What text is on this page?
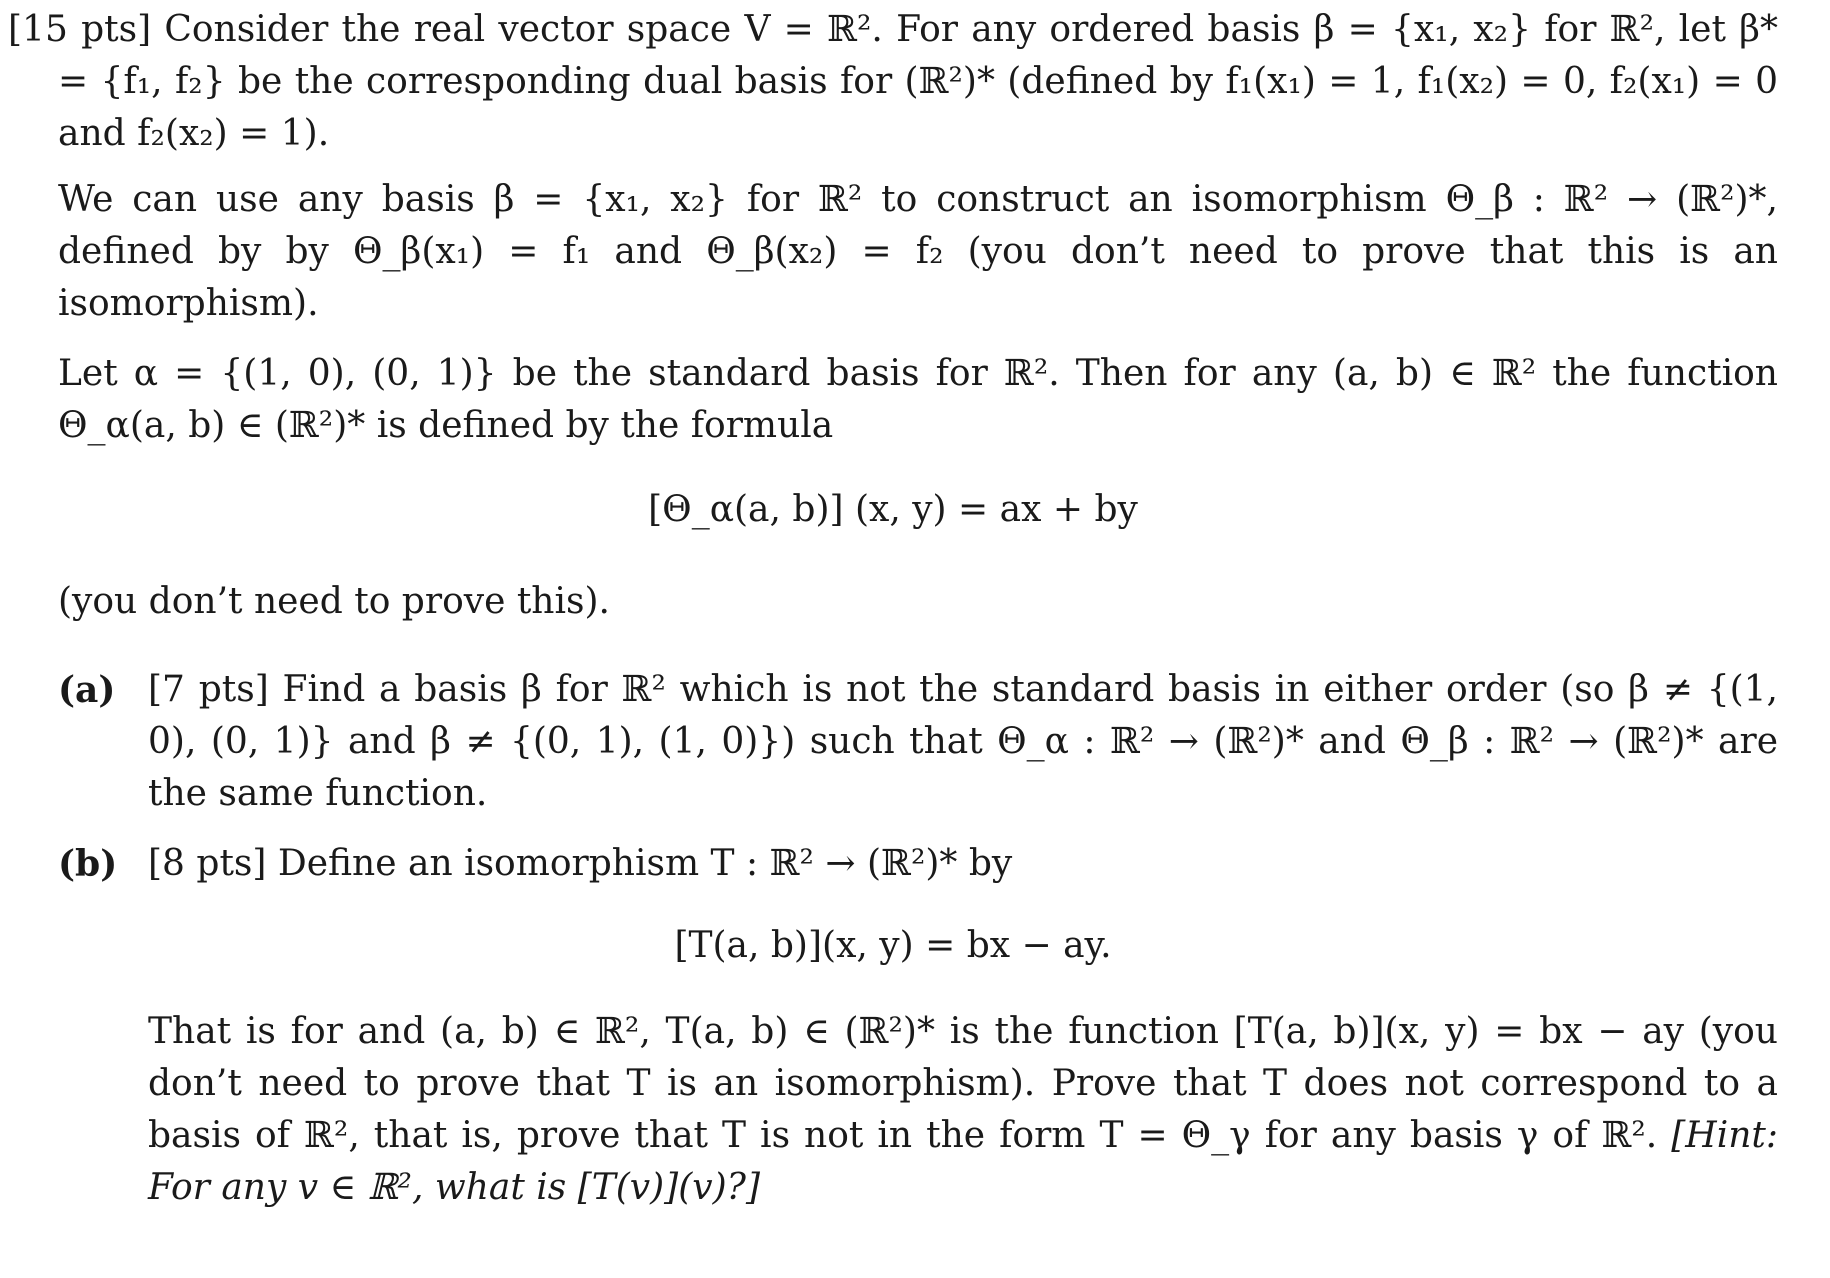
[15 pts] Consider the real vector space V = ℝ². For any ordered basis β = {x₁, x₂} for ℝ², let β* = {f₁, f₂} be the corresponding dual basis for (ℝ²)* (defined by f₁(x₁) = 1, f₁(x₂) = 0, f₂(x₁) = 0 and f₂(x₂) = 1).

We can use any basis β = {x₁, x₂} for ℝ² to construct an isomorphism Θ_β : ℝ² → (ℝ²)*, defined by by Θ_β(x₁) = f₁ and Θ_β(x₂) = f₂ (you don’t need to prove that this is an isomorphism).

Let α = {(1, 0), (0, 1)} be the standard basis for ℝ². Then for any (a, b) ∈ ℝ² the function Θ_α(a, b) ∈ (ℝ²)* is defined by the formula

[Θ_α(a, b)] (x, y) = ax + by

(you don’t need to prove this).

(a) [7 pts] Find a basis β for ℝ² which is not the standard basis in either order (so β ≠ {(1, 0), (0, 1)} and β ≠ {(0, 1), (1, 0)}) such that Θ_α : ℝ² → (ℝ²)* and Θ_β : ℝ² → (ℝ²)* are the same function.
(b) [8 pts] Define an isomorphism T : ℝ² → (ℝ²)* by
[T(a, b)](x, y) = bx − ay.

That is for and (a, b) ∈ ℝ², T(a, b) ∈ (ℝ²)* is the function [T(a, b)](x, y) = bx − ay (you don’t need to prove that T is an isomorphism). Prove that T does not correspond to a basis of ℝ², that is, prove that T is not in the form T = Θ_γ for any basis γ of ℝ². [Hint: For any v ∈ ℝ², what is [T(v)](v)?]
